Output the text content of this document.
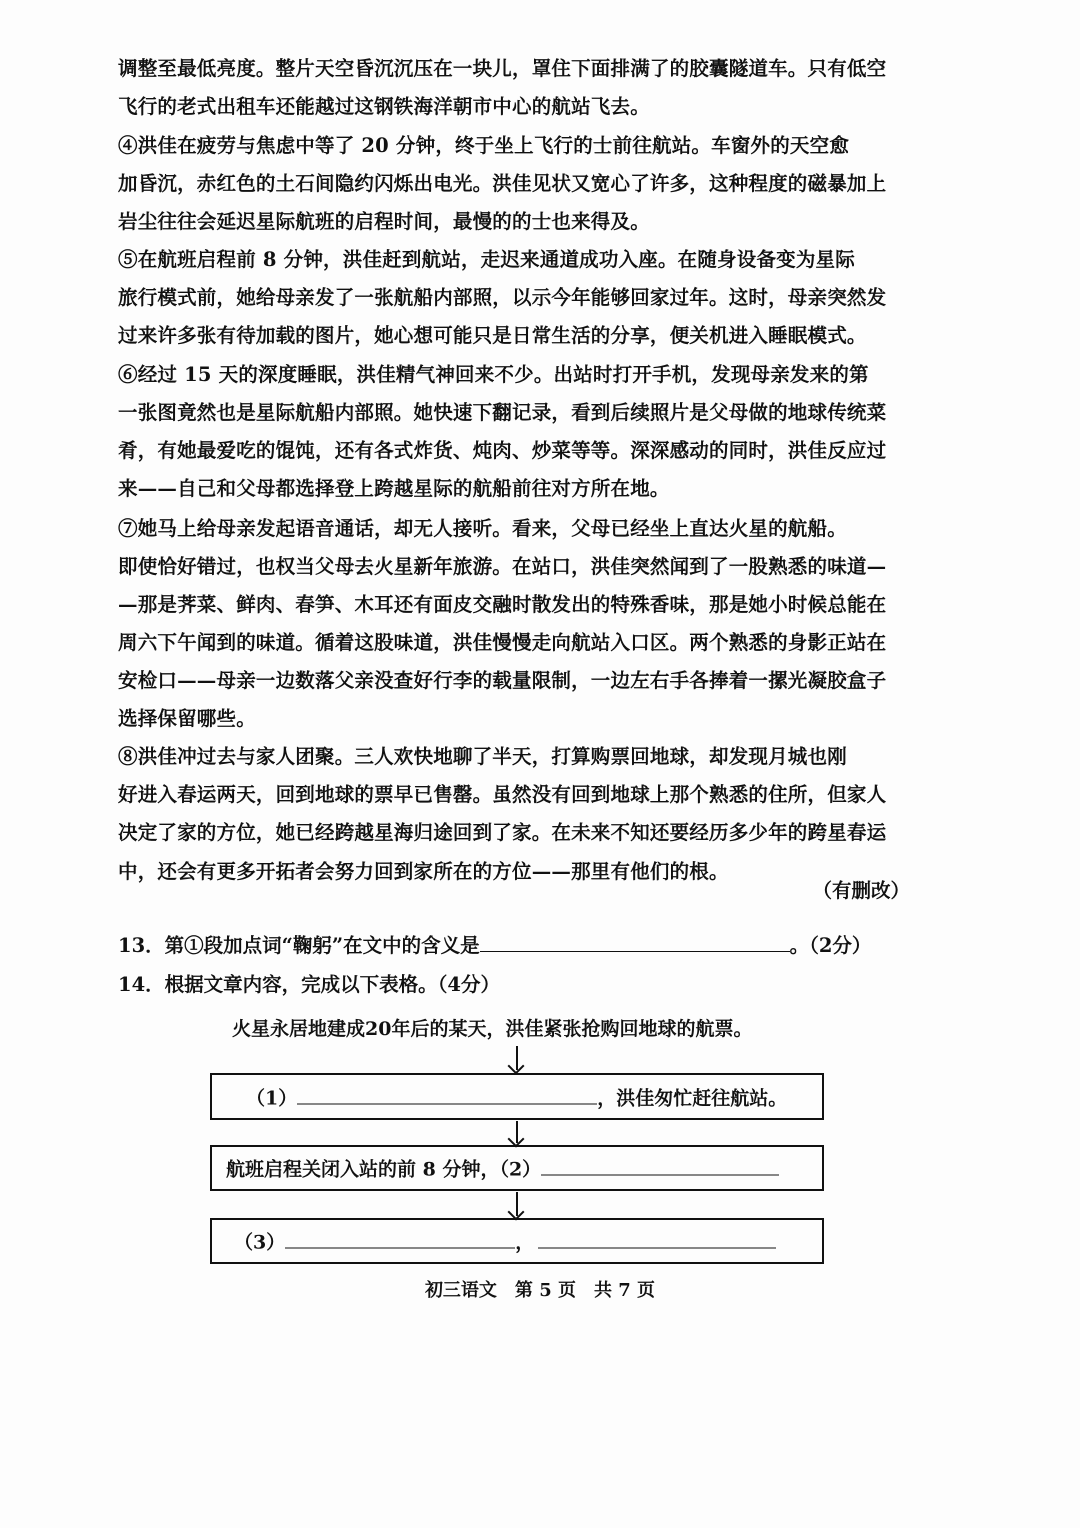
调整至最低亮度。整片天空昏沉沉压在一块儿，罩住下面排满了的胶囊隧道车。只有低空
飞行的老式出租车还能越过这钢铁海洋朝市中心的航站飞去。
④洪佳在疲劳与焦虑中等了 20 分钟，终于坐上飞行的士前往航站。车窗外的天空愈
加昏沉，赤红色的土石间隐约闪烁出电光。洪佳见状又宽心了许多，这种程度的磁暴加上
岩尘往往会延迟星际航班的启程时间，最慢的的士也来得及。
⑤在航班启程前 8 分钟，洪佳赶到航站，走迟来通道成功入座。在随身设备变为星际
旅行模式前，她给母亲发了一张航船内部照，以示今年能够回家过年。这时，母亲突然发
过来许多张有待加载的图片，她心想可能只是日常生活的分享，便关机进入睡眠模式。
⑥经过 15 天的深度睡眠，洪佳精气神回来不少。出站时打开手机，发现母亲发来的第
一张图竟然也是星际航船内部照。她快速下翻记录，看到后续照片是父母做的地球传统菜
肴，有她最爱吃的馄饨，还有各式炸货、炖肉、炒菜等等。深深感动的同时，洪佳反应过
来——自己和父母都选择登上跨越星际的航船前往对方所在地。
⑦她马上给母亲发起语音通话，却无人接听。看来，父母已经坐上直达火星的航船。
即使恰好错过，也权当父母去火星新年旅游。在站口，洪佳突然闻到了一股熟悉的味道—
—那是荠菜、鲜肉、春笋、木耳还有面皮交融时散发出的特殊香味，那是她小时候总能在
周六下午闻到的味道。循着这股味道，洪佳慢慢走向航站入口区。两个熟悉的身影正站在
安检口——母亲一边数落父亲没查好行李的载量限制，一边左右手各捧着一摞光凝胶盒子
选择保留哪些。
⑧洪佳冲过去与家人团聚。三人欢快地聊了半天，打算购票回地球，却发现月城也刚
好进入春运两天，回到地球的票早已售罄。虽然没有回到地球上那个熟悉的住所，但家人
决定了家的方位，她已经跨越星海归途回到了家。在未来不知还要经历多少年的跨星春运
中，还会有更多开拓者会努力回到家所在的方位——那里有他们的根。
（有删改）
13．第①段加点词“鞠躬”在文中的含义是	。（2分）
14．根据文章内容，完成以下表格。（4分）
火星永居地建成20年后的某天，洪佳紧张抢购回地球的航票。
（1）	，洪佳匆忙赶往航站。
航班启程关闭入站的前 8 分钟，（2）
（3）	，
初三语文　第 5 页　共 7 页
